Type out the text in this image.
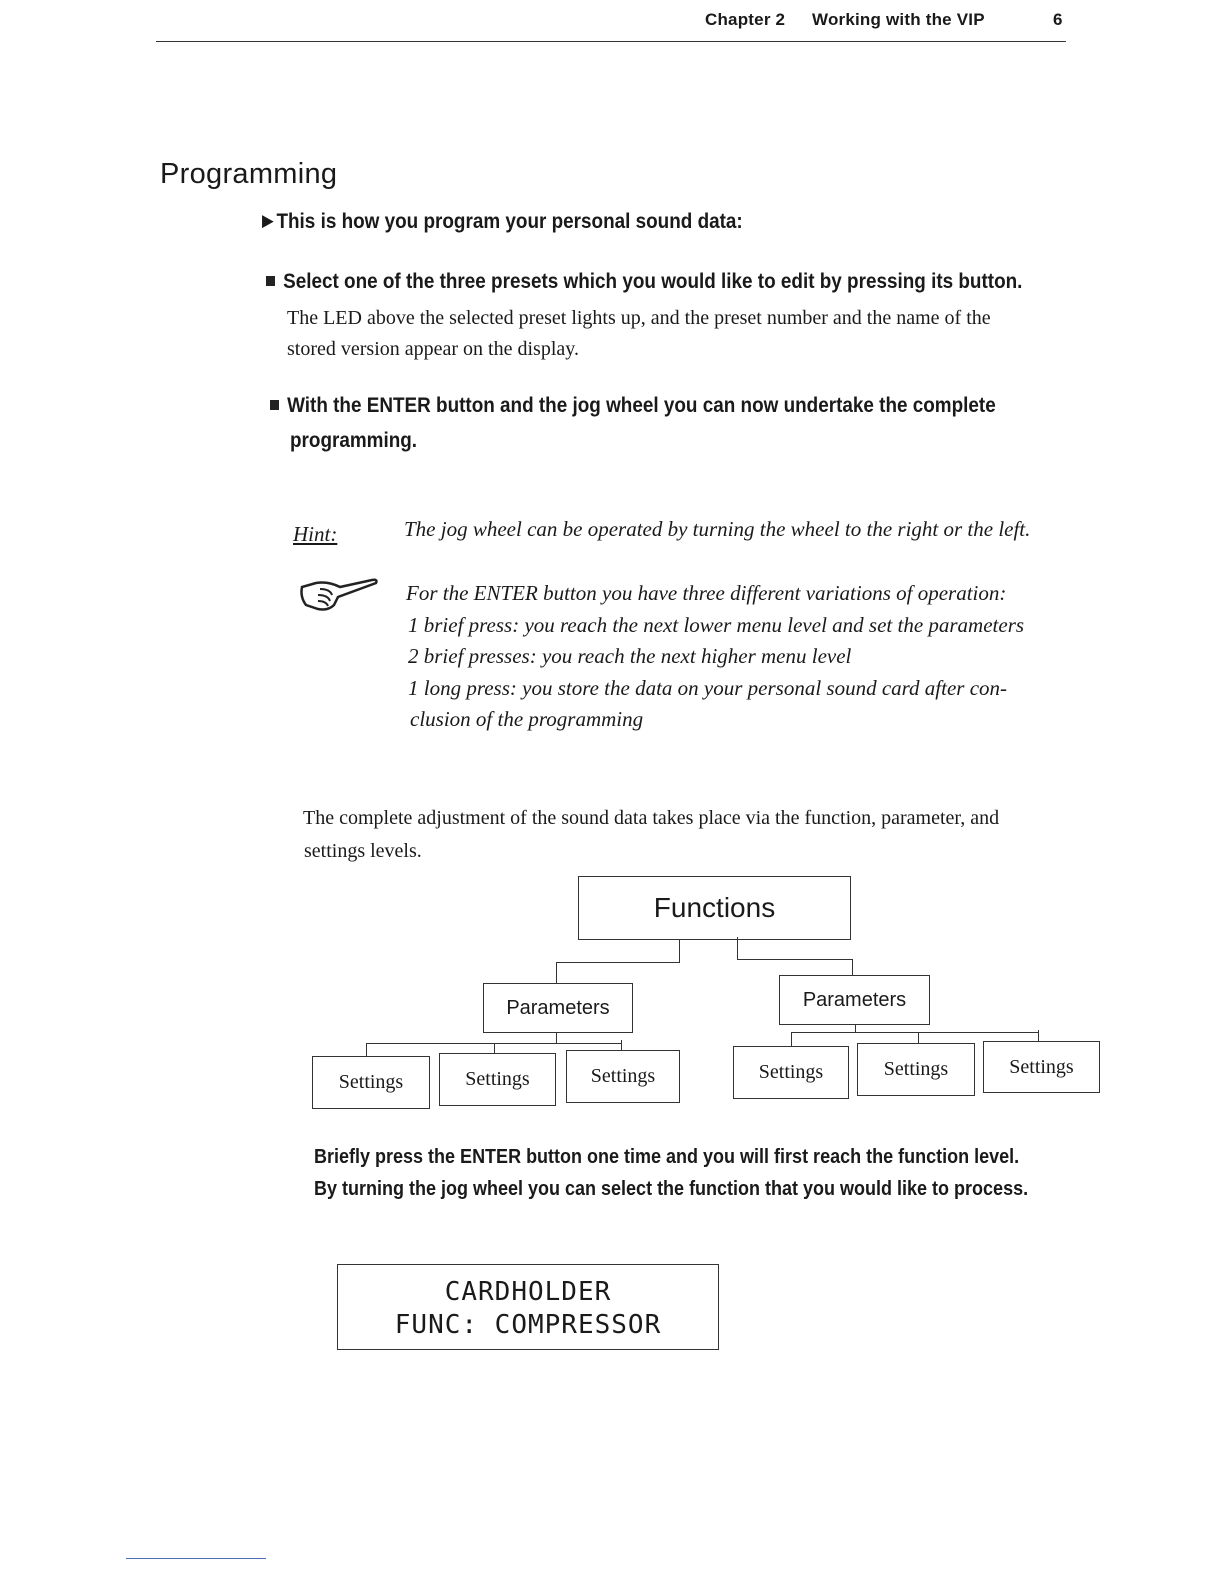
Chapter 2 Working with the VIP	6
Programming
▶ This is how you program your personal sound data:
Select one of the three presets which you would like to edit by pressing its button.
The LED above the selected preset lights up, and the preset number and the name of the
stored version appear on the display.
With the ENTER button and the jog wheel you can now undertake the complete
programming.
Hint:	The jog wheel can be operated by turning the wheel to the right or the left.
For the ENTER button you have three different variations of operation:
1 brief press: you reach the next lower menu level and set the parameters
2 brief presses: you reach the next higher menu level
1 long press: you store the data on your personal sound card after con-
clusion of the programming
The complete adjustment of the sound data takes place via the function, parameter, and
settings levels.
Functions
Parameters	Parameters
Settings	Settings	Settings	Settings	Settings	Settings
Briefly press the ENTER button one time and you will first reach the function level.
By turning the jog wheel you can select the function that you would like to process.
CARDHOLDER
FUNC: COMPRESSOR
